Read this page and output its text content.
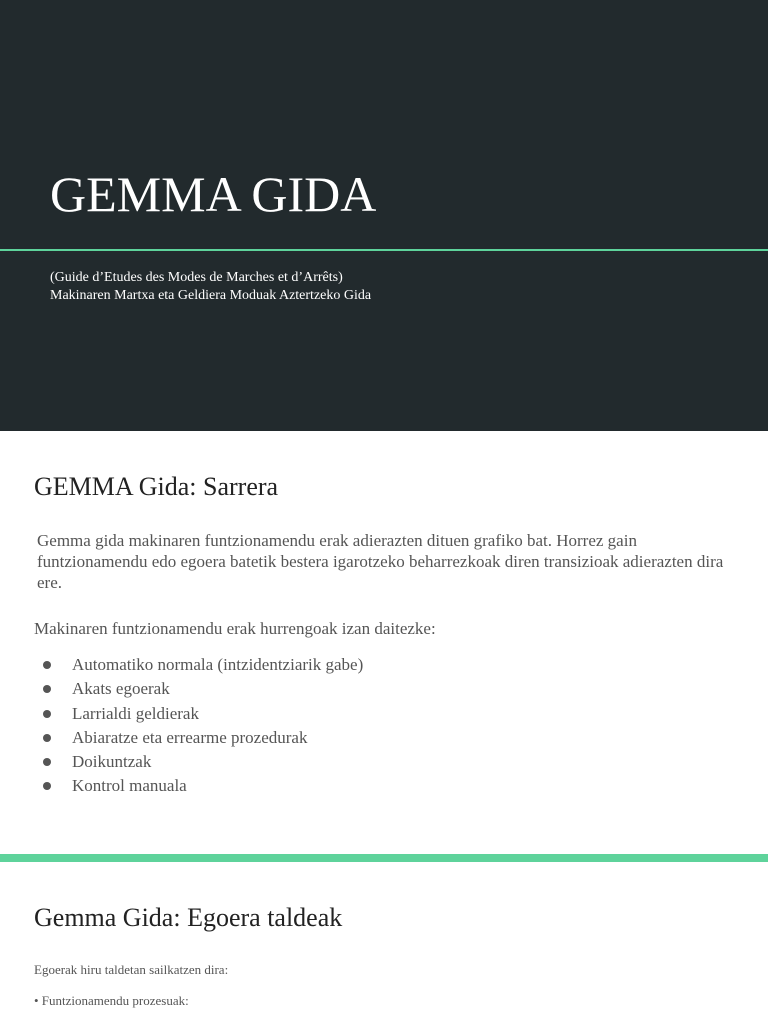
GEMMA GIDA
(Guide d’Etudes des Modes de Marches et d’Arrêts)
Makinaren Martxa eta Geldiera Moduak Aztertzeko Gida
GEMMA Gida: Sarrera

Gemma gida makinaren funtzionamendu erak adierazten dituen grafiko bat. Horrez gain funtzionamendu edo egoera batetik bestera igarotzeko beharrezkoak diren transizioak adierazten dira ere.

Makinaren funtzionamendu erak hurrengoak izan daitezke:

Automatiko normala (intzidentziarik gabe)
Akats egoerak
Larrialdi geldierak
Abiaratze eta errearme prozedurak
Doikuntzak
Kontrol manuala
Gemma Gida: Egoera taldeak

Egoerak hiru taldetan sailkatzen dira:

• Funtzionamendu prozesuak:
